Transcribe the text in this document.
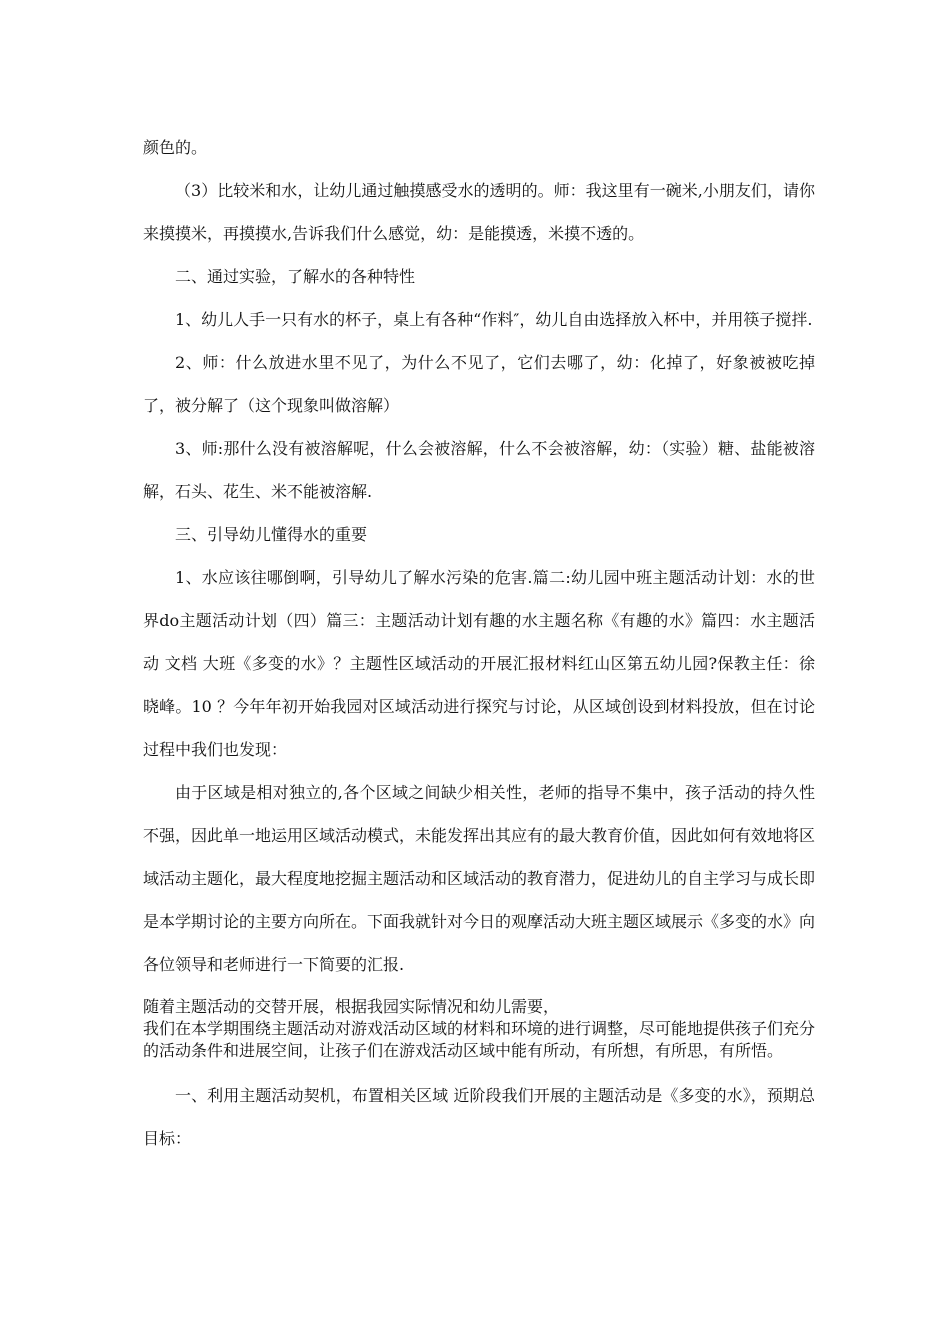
颜色的。

（3）比较米和水，让幼儿通过触摸感受水的透明的。师：我这里有一碗米,小朋友们，请你来摸摸米，再摸摸水,告诉我们什么感觉，幼：是能摸透，米摸不透的。

二、通过实验，了解水的各种特性

1、幼儿人手一只有水的杯子，桌上有各种“作料″，幼儿自由选择放入杯中，并用筷子搅拌.

2、师：什么放进水里不见了，为什么不见了，它们去哪了，幼：化掉了，好象被被吃掉了，被分解了（这个现象叫做溶解）

3、师:那什么没有被溶解呢，什么会被溶解，什么不会被溶解，幼：（实验）糖、盐能被溶解，石头、花生、米不能被溶解.

三、引导幼儿懂得水的重要

1、水应该往哪倒啊，引导幼儿了解水污染的危害.篇二:幼儿园中班主题活动计划：水的世界do主题活动计划（四）篇三：主题活动计划有趣的水主题名称《有趣的水》篇四：水主题活动 文档 大班《多变的水》？主题性区域活动的开展汇报材料红山区第五幼儿园?保教主任：徐晓峰。10 ？今年年初开始我园对区域活动进行探究与讨论，从区域创设到材料投放，但在讨论过程中我们也发现：

由于区域是相对独立的,各个区域之间缺少相关性，老师的指导不集中，孩子活动的持久性不强，因此单一地运用区域活动模式，未能发挥出其应有的最大教育价值，因此如何有效地将区域活动主题化，最大程度地挖掘主题活动和区域活动的教育潜力，促进幼儿的自主学习与成长即是本学期讨论的主要方向所在。下面我就针对今日的观摩活动大班主题区域展示《多变的水》向各位领导和老师进行一下简要的汇报.

随着主题活动的交替开展，根据我园实际情况和幼儿需要，

我们在本学期围绕主题活动对游戏活动区域的材料和环境的进行调整，尽可能地提供孩子们充分的活动条件和进展空间，让孩子们在游戏活动区域中能有所动，有所想，有所思，有所悟。

一、利用主题活动契机，布置相关区域 近阶段我们开展的主题活动是《多变的水》，预期总目标：
